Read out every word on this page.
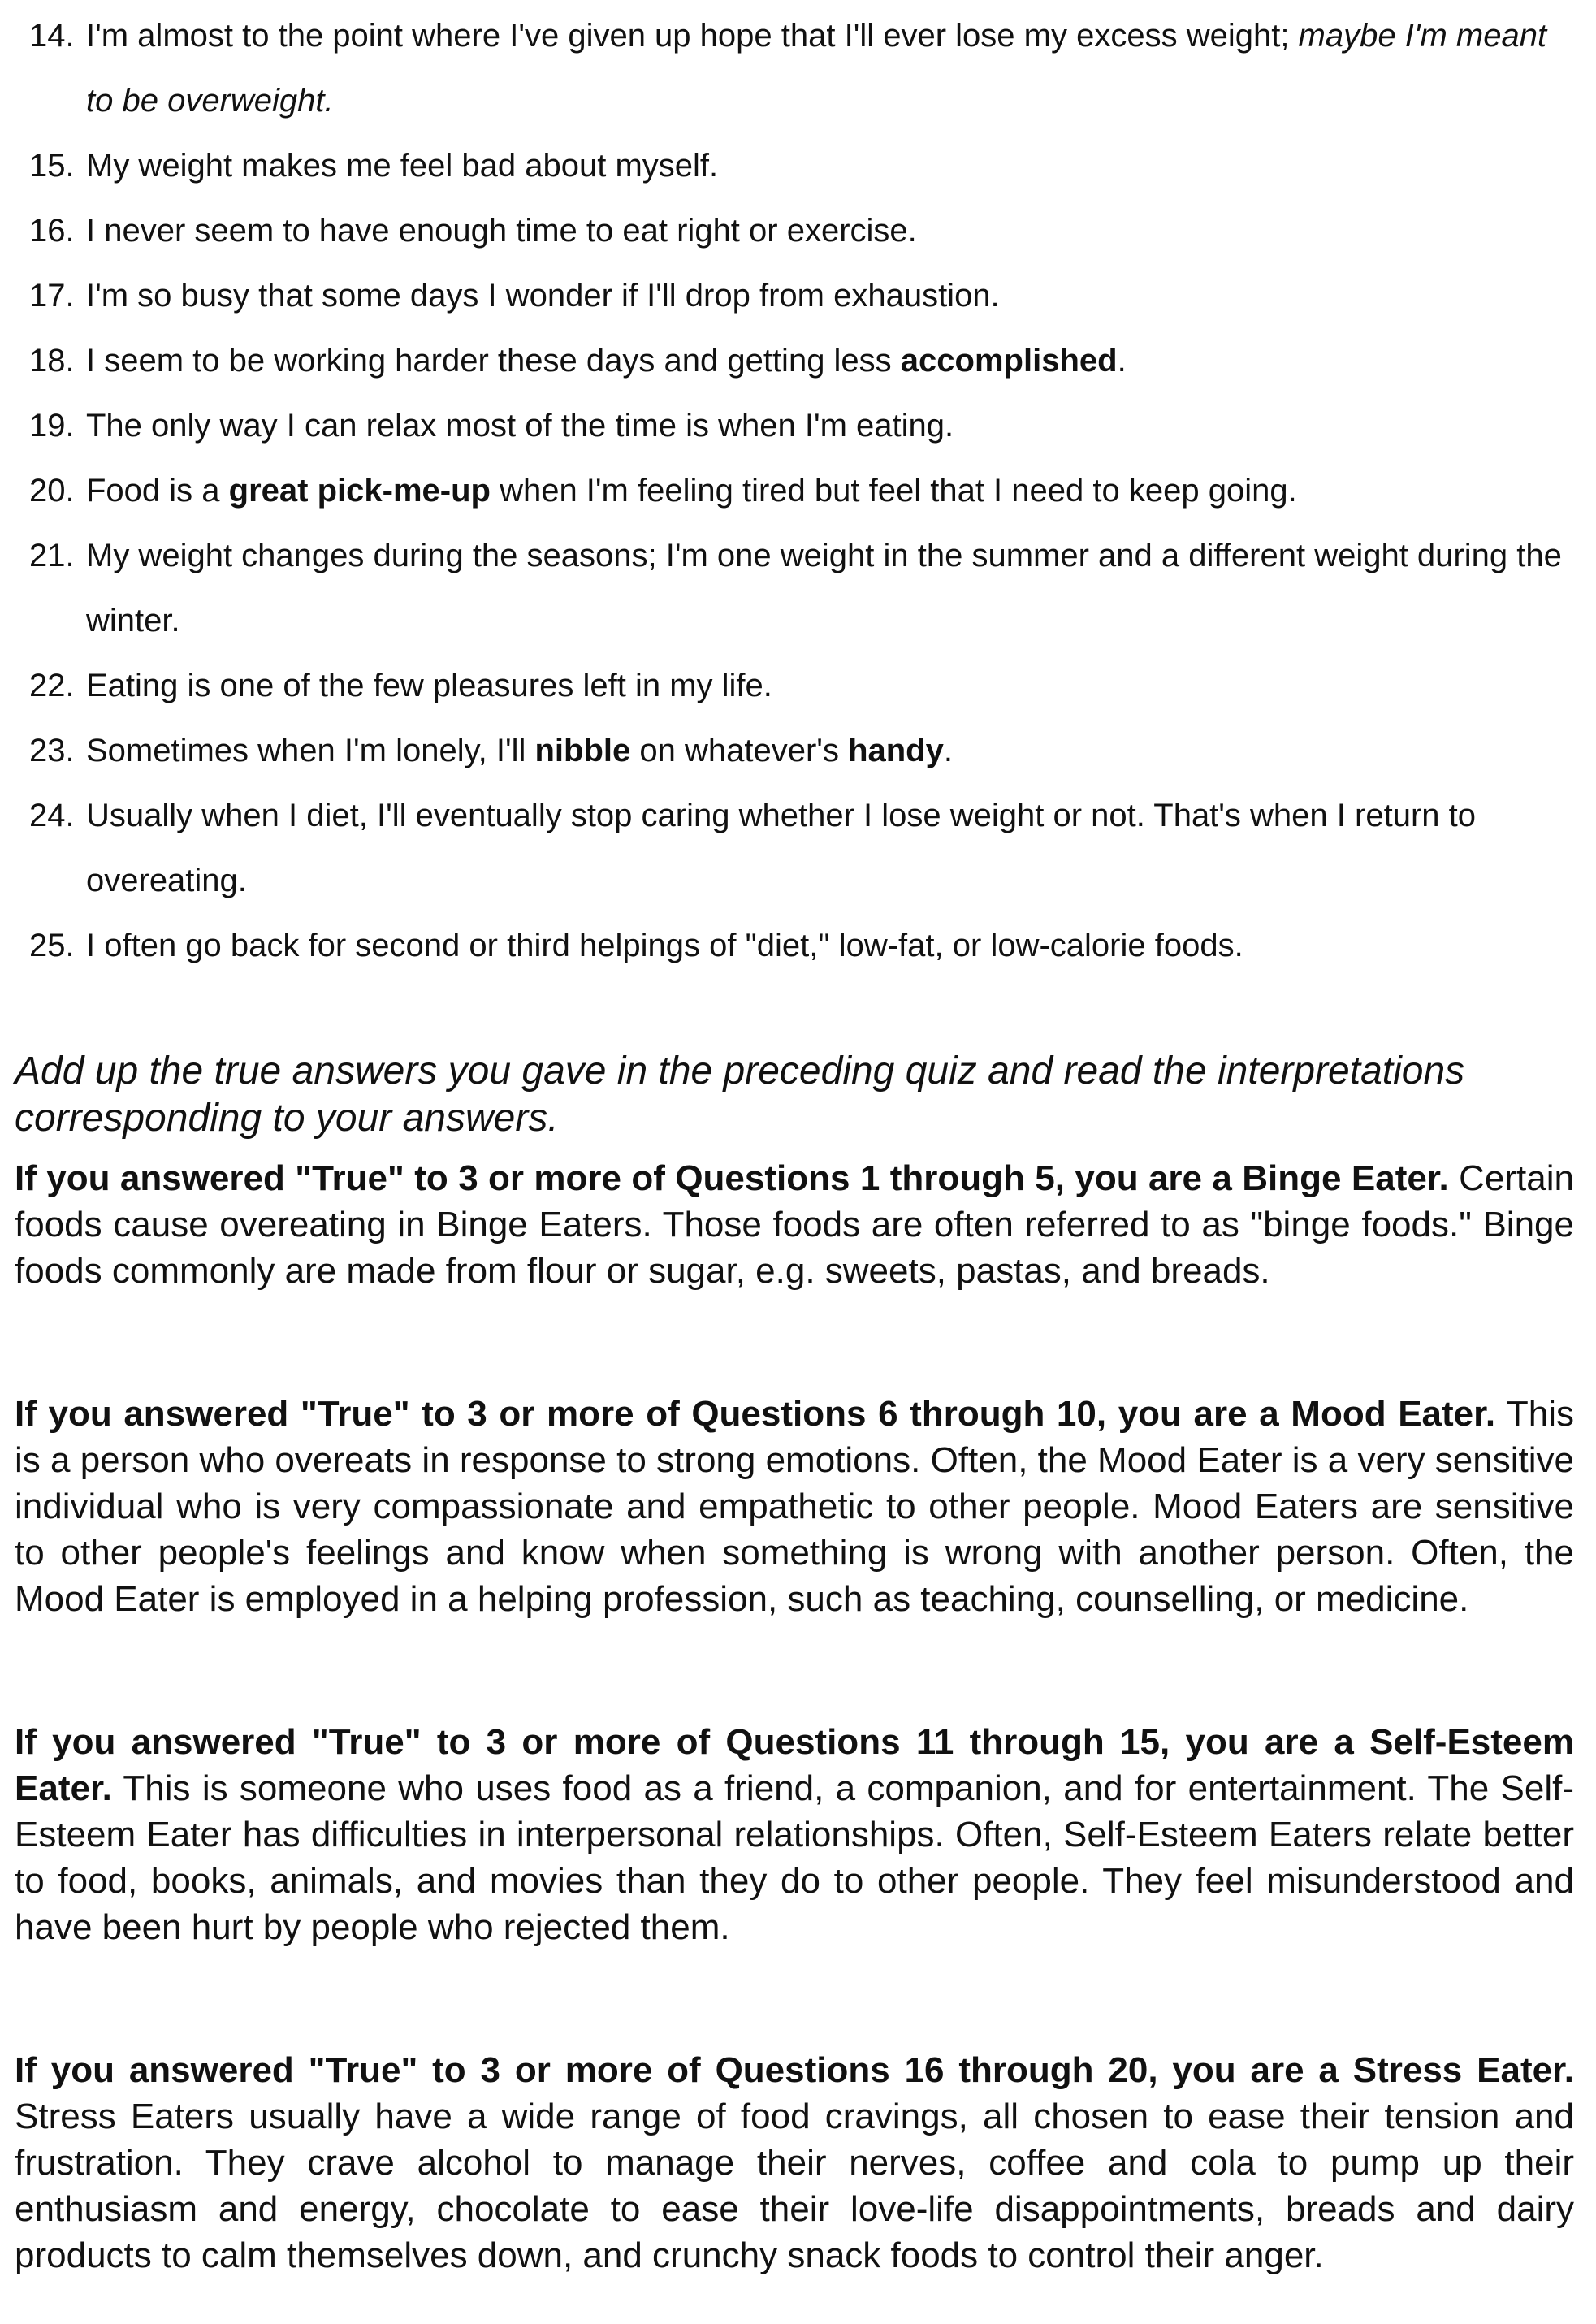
14. I'm almost to the point where I've given up hope that I'll ever lose my excess weight; maybe I'm meant to be overweight.
15. My weight makes me feel bad about myself.
16. I never seem to have enough time to eat right or exercise.
17. I'm so busy that some days I wonder if I'll drop from exhaustion.
18. I seem to be working harder these days and getting less accomplished.
19. The only way I can relax most of the time is when I'm eating.
20. Food is a great pick-me-up when I'm feeling tired but feel that I need to keep going.
21. My weight changes during the seasons; I'm one weight in the summer and a different weight during the winter.
22. Eating is one of the few pleasures left in my life.
23. Sometimes when I'm lonely, I'll nibble on whatever's handy.
24. Usually when I diet, I'll eventually stop caring whether I lose weight or not. That's when I return to overeating.
25. I often go back for second or third helpings of "diet," low-fat, or low-calorie foods.

Add up the true answers you gave in the preceding quiz and read the interpretations corresponding to your answers.

If you answered "True" to 3 or more of Questions 1 through 5, you are a Binge Eater. Certain foods cause overeating in Binge Eaters. Those foods are often referred to as "binge foods." Binge foods commonly are made from flour or sugar, e.g. sweets, pastas, and breads.

If you answered "True" to 3 or more of Questions 6 through 10, you are a Mood Eater. This is a person who overeats in response to strong emotions. Often, the Mood Eater is a very sensitive individual who is very compassionate and empathetic to other people. Mood Eaters are sensitive to other people's feelings and know when something is wrong with another person. Often, the Mood Eater is employed in a helping profession, such as teaching, counselling, or medicine.

If you answered "True" to 3 or more of Questions 11 through 15, you are a Self-Esteem Eater. This is someone who uses food as a friend, a companion, and for entertainment. The Self-Esteem Eater has difficulties in interpersonal relationships. Often, Self-Esteem Eaters relate better to food, books, animals, and movies than they do to other people. They feel misunderstood and have been hurt by people who rejected them.

If you answered "True" to 3 or more of Questions 16 through 20, you are a Stress Eater. Stress Eaters usually have a wide range of food cravings, all chosen to ease their tension and frustration. They crave alcohol to manage their nerves, coffee and cola to pump up their enthusiasm and energy, chocolate to ease their love-life disappointments, breads and dairy products to calm themselves down, and crunchy snack foods to control their anger.
